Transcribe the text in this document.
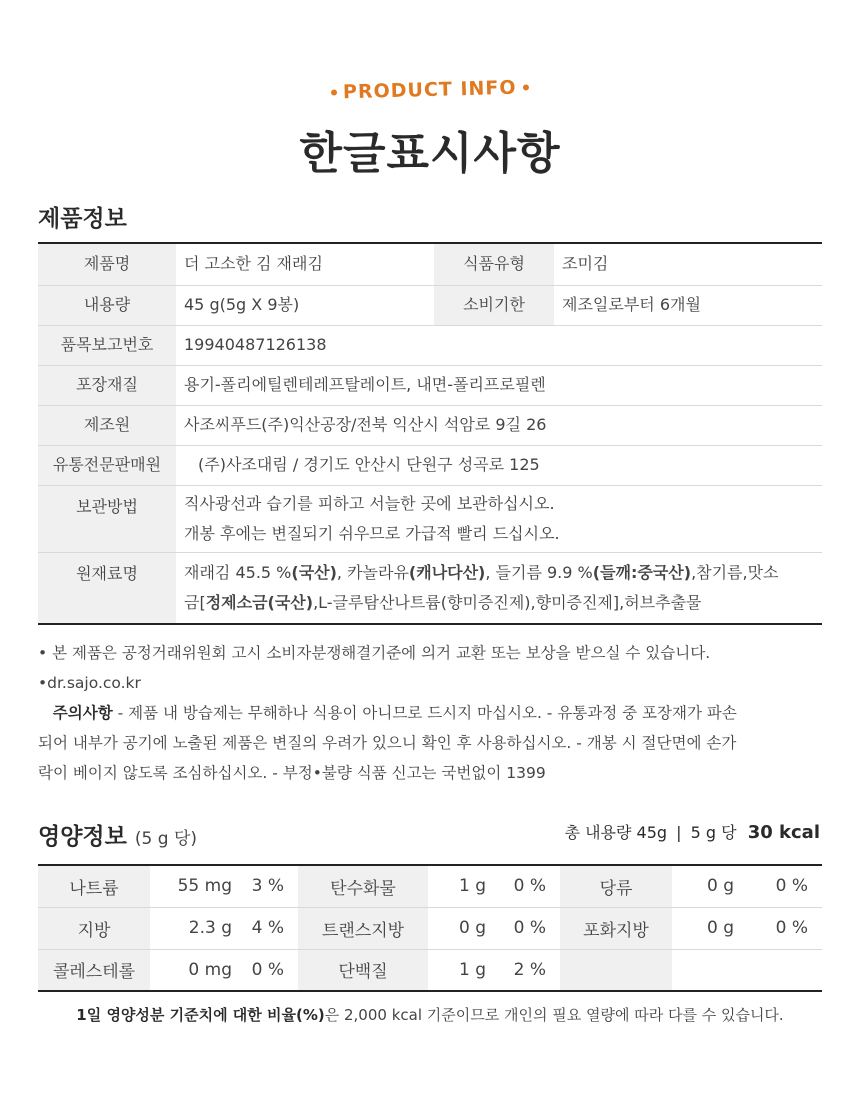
PRODUCT INFO
한글표시사항
제품정보
제품명	더 고소한 김 재래김	식품유형	조미김
내용량	45 g(5g X 9봉)	소비기한	제조일로부터 6개월
품목보고번호	19940487126138		
포장재질	용기-폴리에틸렌테레프탈레이트, 내면-폴리프로필렌		
제조원	사조씨푸드(주)익산공장/전북 익산시 석암로 9길 26		
유통전문판매원	(주)사조대림 / 경기도 안산시 단원구 성곡로 125		
보관방법	직사광선과 습기를 피하고 서늘한 곳에 보관하십시오.
개봉 후에는 변질되기 쉬우므로 가급적 빨리 드십시오.		

원재료명	재래김 45.5 %(국산), 카놀라유(캐나다산), 들기름 9.9 %(들깨:중국산),참기름,맛소
금[정제소금(국산),L-글루탐산나트륨(향미증진제),향미증진제],허브추출물		
• 본 제품은 공정거래위원회 고시 소비자분쟁해결기준에 의거 교환 또는 보상을 받으실 수 있습니다.
•dr.sajo.co.kr
주의사항 - 제품 내 방습제는 무해하나 식용이 아니므로 드시지 마십시오. - 유통과정 중 포장재가 파손
되어 내부가 공기에 노출된 제품은 변질의 우려가 있으니 확인 후 사용하십시오. - 개봉 시 절단면에 손가
락이 베이지 않도록 조심하십시오. - 부정•불량 식품 신고는 국번없이 1399
영양정보 (5 g 당)	총 내용량 45g | 5 g 당 30 kcal
나트륨	55 mg	3 %	탄수화물	1 g	0 %	당류	0 g	0 %
지방	2.3 g	4 %	트랜스지방	0 g	0 %	포화지방	0 g	0 %
콜레스테롤	0 mg	0 %	단백질	1 g	2 %			
1일 영양성분 기준치에 대한 비율(%)은 2,000 kcal 기준이므로 개인의 필요 열량에 따라 다를 수 있습니다.
